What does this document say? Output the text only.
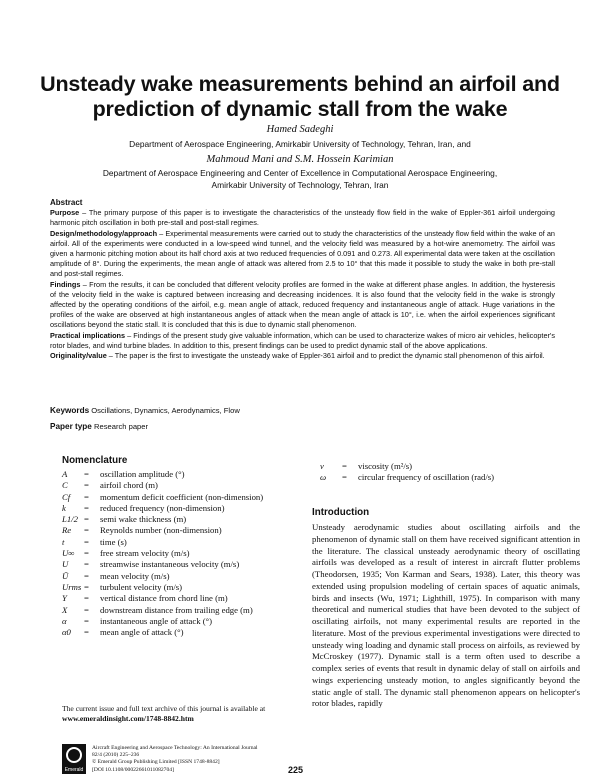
Unsteady wake measurements behind an airfoil and prediction of dynamic stall from the wake
Hamed Sadeghi
Department of Aerospace Engineering, Amirkabir University of Technology, Tehran, Iran, and
Mahmoud Mani and S.M. Hossein Karimian
Department of Aerospace Engineering and Center of Excellence in Computational Aerospace Engineering,
Amirkabir University of Technology, Tehran, Iran

Abstract

Purpose – The primary purpose of this paper is to investigate the characteristics of the unsteady flow field in the wake of Eppler-361 airfoil undergoing harmonic pitch oscillation in both pre-stall and post-stall regimes.

Design/methodology/approach – Experimental measurements were carried out to study the characteristics of the unsteady flow field within the wake of an airfoil. All of the experiments were conducted in a low-speed wind tunnel, and the velocity field was measured by a hot-wire anemometry. The airfoil was given a harmonic pitching motion about its half chord axis at two reduced frequencies of 0.091 and 0.273. All experimental data were taken at the oscillation amplitude of 8°. During the experiments, the mean angle of attack was altered from 2.5 to 10° that this made it possible to study the wake in both pre-stall and post-stall regimes.

Findings – From the results, it can be concluded that different velocity profiles are formed in the wake at different phase angles. In addition, the hysteresis of the velocity field in the wake is captured between increasing and decreasing incidences. It is also found that the velocity field in the wake is strongly affected by the operating conditions of the airfoil, e.g. mean angle of attack, reduced frequency and instantaneous angle of attack. Huge variations in the profiles of the wake are observed at high instantaneous angles of attack when the mean angle of attack is 10°, i.e. when the airfoil experiences significant oscillations beyond the static stall. It is concluded that this is due to dynamic stall phenomenon.

Practical implications – Findings of the present study give valuable information, which can be used to characterize wakes of micro air vehicles, helicopter's rotor blades, and wind turbine blades. In addition to this, present findings can be used to predict dynamic stall of the above applications.

Originality/value – The paper is the first to investigate the unsteady wake of Eppler-361 airfoil and to predict the dynamic stall phenomenon of this airfoil.

Keywords Oscillations, Dynamics, Aerodynamics, Flow
Paper type Research paper
Nomenclature
A	=	oscillation amplitude (°)
C	=	airfoil chord (m)
Cf	=	momentum deficit coefficient (non-dimension)
k	=	reduced frequency (non-dimension)
L1/2 =	semi wake thickness (m)
Re	=	Reynolds number (non-dimension)
t	=	time (s)
U∞	=	free stream velocity (m/s)
U	=	streamwise instantaneous velocity (m/s)
Ū	=	mean velocity (m/s)
Urms =	turbulent velocity (m/s)
Y	=	vertical distance from chord line (m)
X	=	downstream distance from trailing edge (m)
α	=	instantaneous angle of attack (°)
α0	=	mean angle of attack (°)
ν	=	viscosity (m²/s)
ω	=	circular frequency of oscillation (rad/s)
Introduction

Unsteady aerodynamic studies about oscillating airfoils and the phenomenon of dynamic stall on them have received significant attention in the literature. The classical unsteady aerodynamic theory of oscillating airfoils was developed as a result of interest in aircraft flutter problems (Theodorsen, 1935; Von Karman and Sears, 1938). Later, this theory was extended using propulsion modeling of certain spaces of aquatic animals, birds and insects (Wu, 1971; Lighthill, 1975). In comparison with many theoretical and numerical studies that have been devoted to the subject of oscillating airfoils, not many experimental results are reported in the literature. Most of the previous experimental investigations were directed to unsteady wing loading and dynamic stall process on airfoils, as reviewed by McCroskey (1977). Dynamic stall is a term often used to describe a complex series of events that result in dynamic delay of stall on airfoils and wings experiencing unsteady motion, to angles significantly beyond the static angle of stall. The dynamic stall phenomenon appears on helicopter's rotor blades, rapidly

The current issue and full text archive of this journal is available at
www.emeraldinsight.com/1748-8842.htm
Emerald
Aircraft Engineering and Aerospace Technology: An International Journal
82/4 (2010) 225–236
© Emerald Group Publishing Limited [ISSN 1748-8842]
[DOI 10.1108/00022661011082704]	225
